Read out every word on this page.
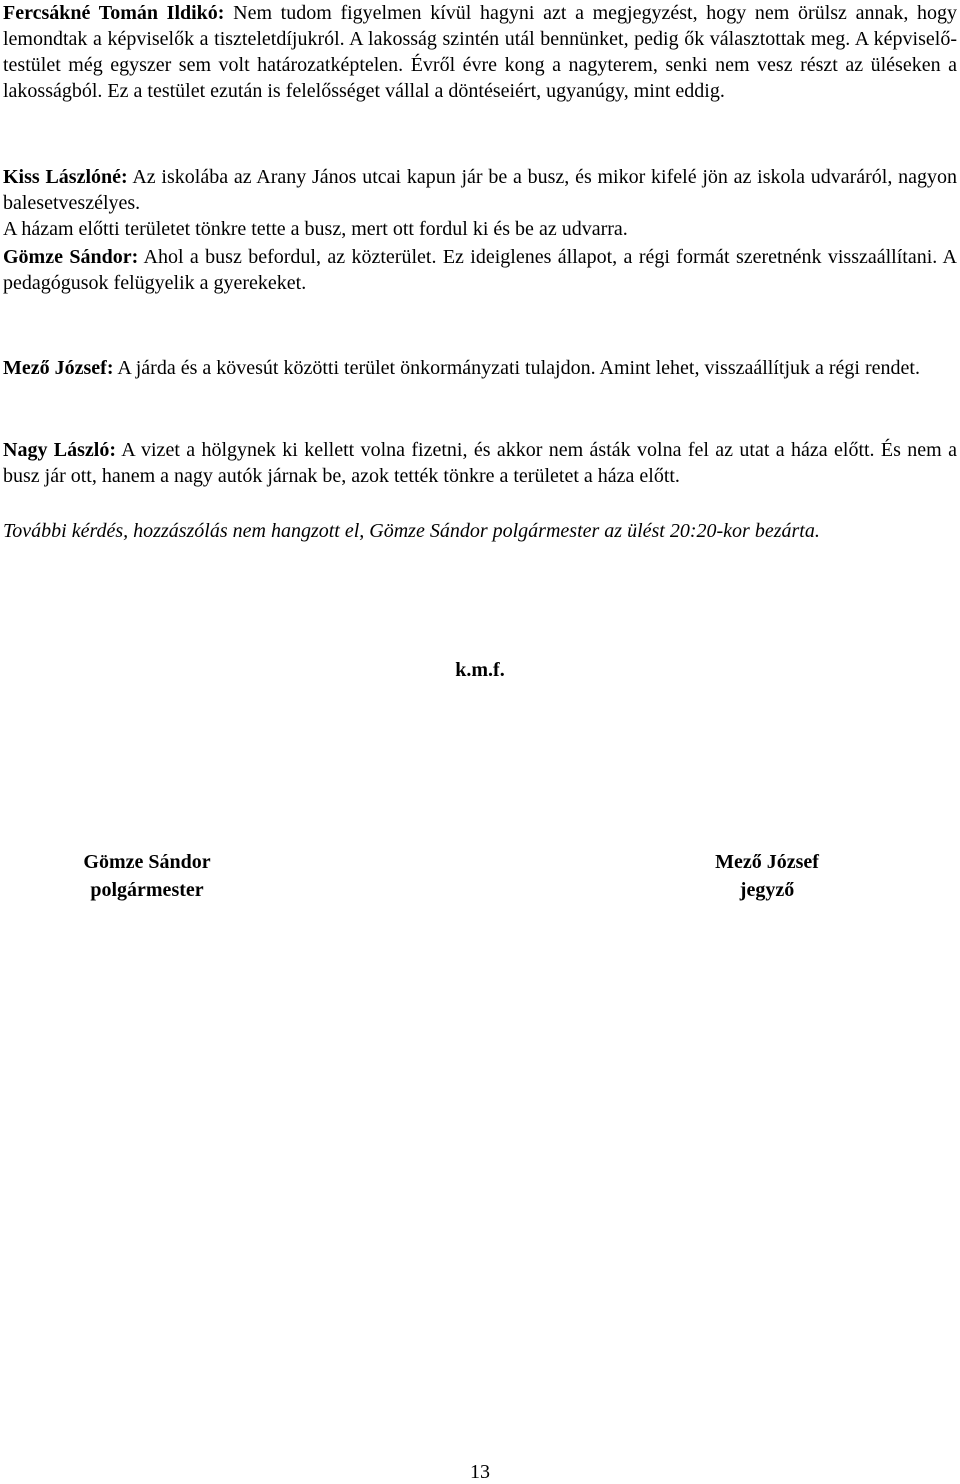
Fercsákné Tomán Ildikó: Nem tudom figyelmen kívül hagyni azt a megjegyzést, hogy nem örülsz annak, hogy lemondtak a képviselők a tiszteletdíjukról. A lakosság szintén utál bennünket, pedig ők választottak meg. A képviselő-testület még egyszer sem volt határozatképtelen. Évről évre kong a nagyterem, senki nem vesz részt az üléseken a lakosságból. Ez a testület ezután is felelősséget vállal a döntéseiért, ugyanúgy, mint eddig.

Kiss Lászlóné: Az iskolába az Arany János utcai kapun jár be a busz, és mikor kifelé jön az iskola udvaráról, nagyon balesetveszélyes.
A házam előtti területet tönkre tette a busz, mert ott fordul ki és be az udvarra.

Gömze Sándor: Ahol a busz befordul, az közterület. Ez ideiglenes állapot, a régi formát szeretnénk visszaállítani. A pedagógusok felügyelik a gyerekeket.

Mező József: A járda és a kövesút közötti terület önkormányzati tulajdon. Amint lehet, visszaállítjuk a régi rendet.

Nagy László: A vizet a hölgynek ki kellett volna fizetni, és akkor nem ásták volna fel az utat a háza előtt. És nem a busz jár ott, hanem a nagy autók járnak be, azok tették tönkre a területet a háza előtt.

További kérdés, hozzászólás nem hangzott el, Gömze Sándor polgármester az ülést 20:20-kor bezárta.

k.m.f.
Gömze Sándor
polgármester
Mező József
jegyző
13
